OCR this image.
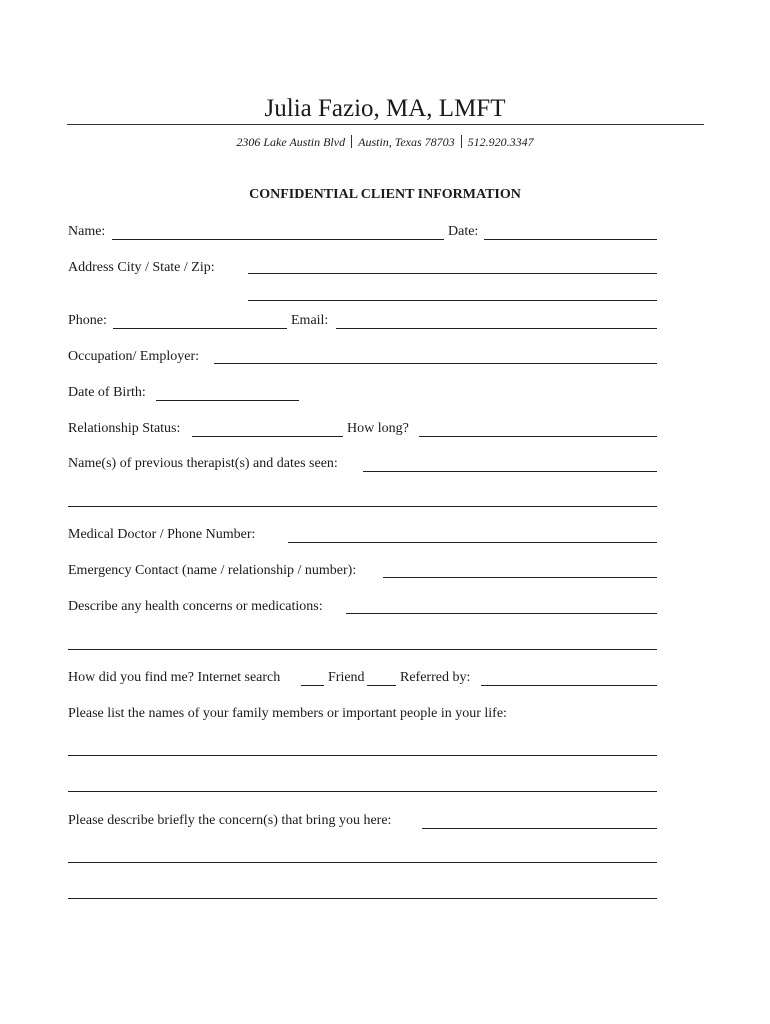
Julia Fazio, MA, LMFT
2306 Lake Austin Blvd Austin, Texas 78703 512.920.3347
CONFIDENTIAL CLIENT INFORMATION
Name:	Date:
Address City / State / Zip:
Phone:	Email:
Occupation/ Employer:
Date of Birth:
Relationship Status:	How long?
Name(s) of previous therapist(s) and dates seen:
Medical Doctor / Phone Number:
Emergency Contact (name / relationship / number):
Describe any health concerns or medications:
How did you find me? Internet search	Friend	Referred by:
Please list the names of your family members or important people in your life:
Please describe briefly the concern(s) that bring you here:
